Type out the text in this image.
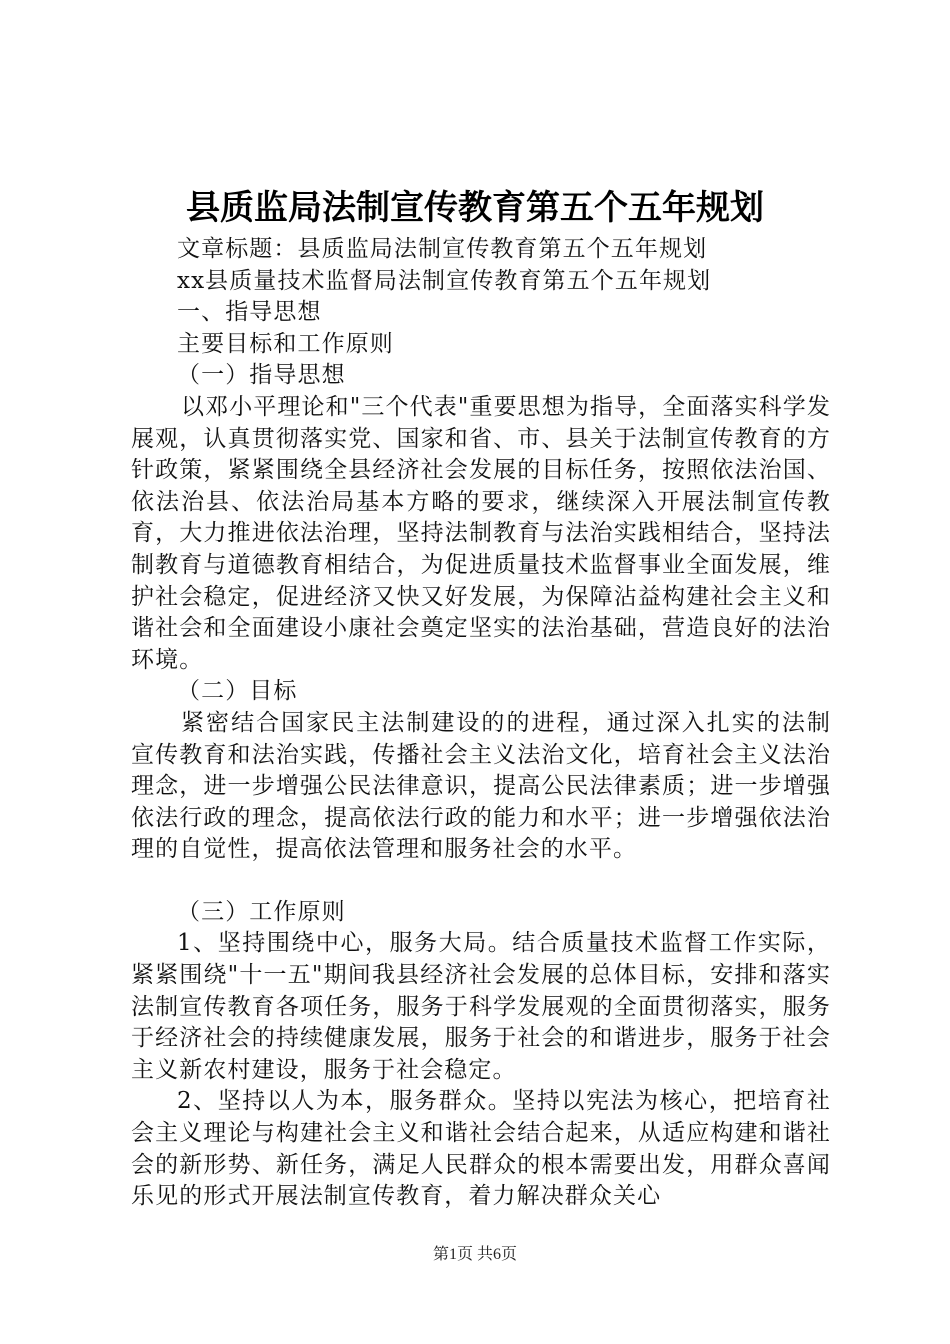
县质监局法制宣传教育第五个五年规划

文章标题：县质监局法制宣传教育第五个五年规划

xx县质量技术监督局法制宣传教育第五个五年规划

一、指导思想

主要目标和工作原则

（一）指导思想

以邓小平理论和"三个代表"重要思想为指导，全面落实科学发展观，认真贯彻落实党、国家和省、市、县关于法制宣传教育的方针政策，紧紧围绕全县经济社会发展的目标任务，按照依法治国、依法治县、依法治局基本方略的要求，继续深入开展法制宣传教育，大力推进依法治理，坚持法制教育与法治实践相结合，坚持法制教育与道德教育相结合，为促进质量技术监督事业全面发展，维护社会稳定，促进经济又快又好发展，为保障沾益构建社会主义和谐社会和全面建设小康社会奠定坚实的法治基础，营造良好的法治环境。

（二）目标

紧密结合国家民主法制建设的的进程，通过深入扎实的法制宣传教育和法治实践，传播社会主义法治文化，培育社会主义法治理念，进一步增强公民法律意识，提高公民法律素质；进一步增强依法行政的理念，提高依法行政的能力和水平；进一步增强依法治理的自觉性，提高依法管理和服务社会的水平。

（三）工作原则

1、坚持围绕中心，服务大局。结合质量技术监督工作实际，紧紧围绕"十一五"期间我县经济社会发展的总体目标，安排和落实法制宣传教育各项任务，服务于科学发展观的全面贯彻落实，服务于经济社会的持续健康发展，服务于社会的和谐进步，服务于社会主义新农村建设，服务于社会稳定。

2、坚持以人为本，服务群众。坚持以宪法为核心，把培育社会主义理论与构建社会主义和谐社会结合起来，从适应构建和谐社会的新形势、新任务，满足人民群众的根本需要出发，用群众喜闻乐见的形式开展法制宣传教育，着力解决群众关心

第1页 共6页
